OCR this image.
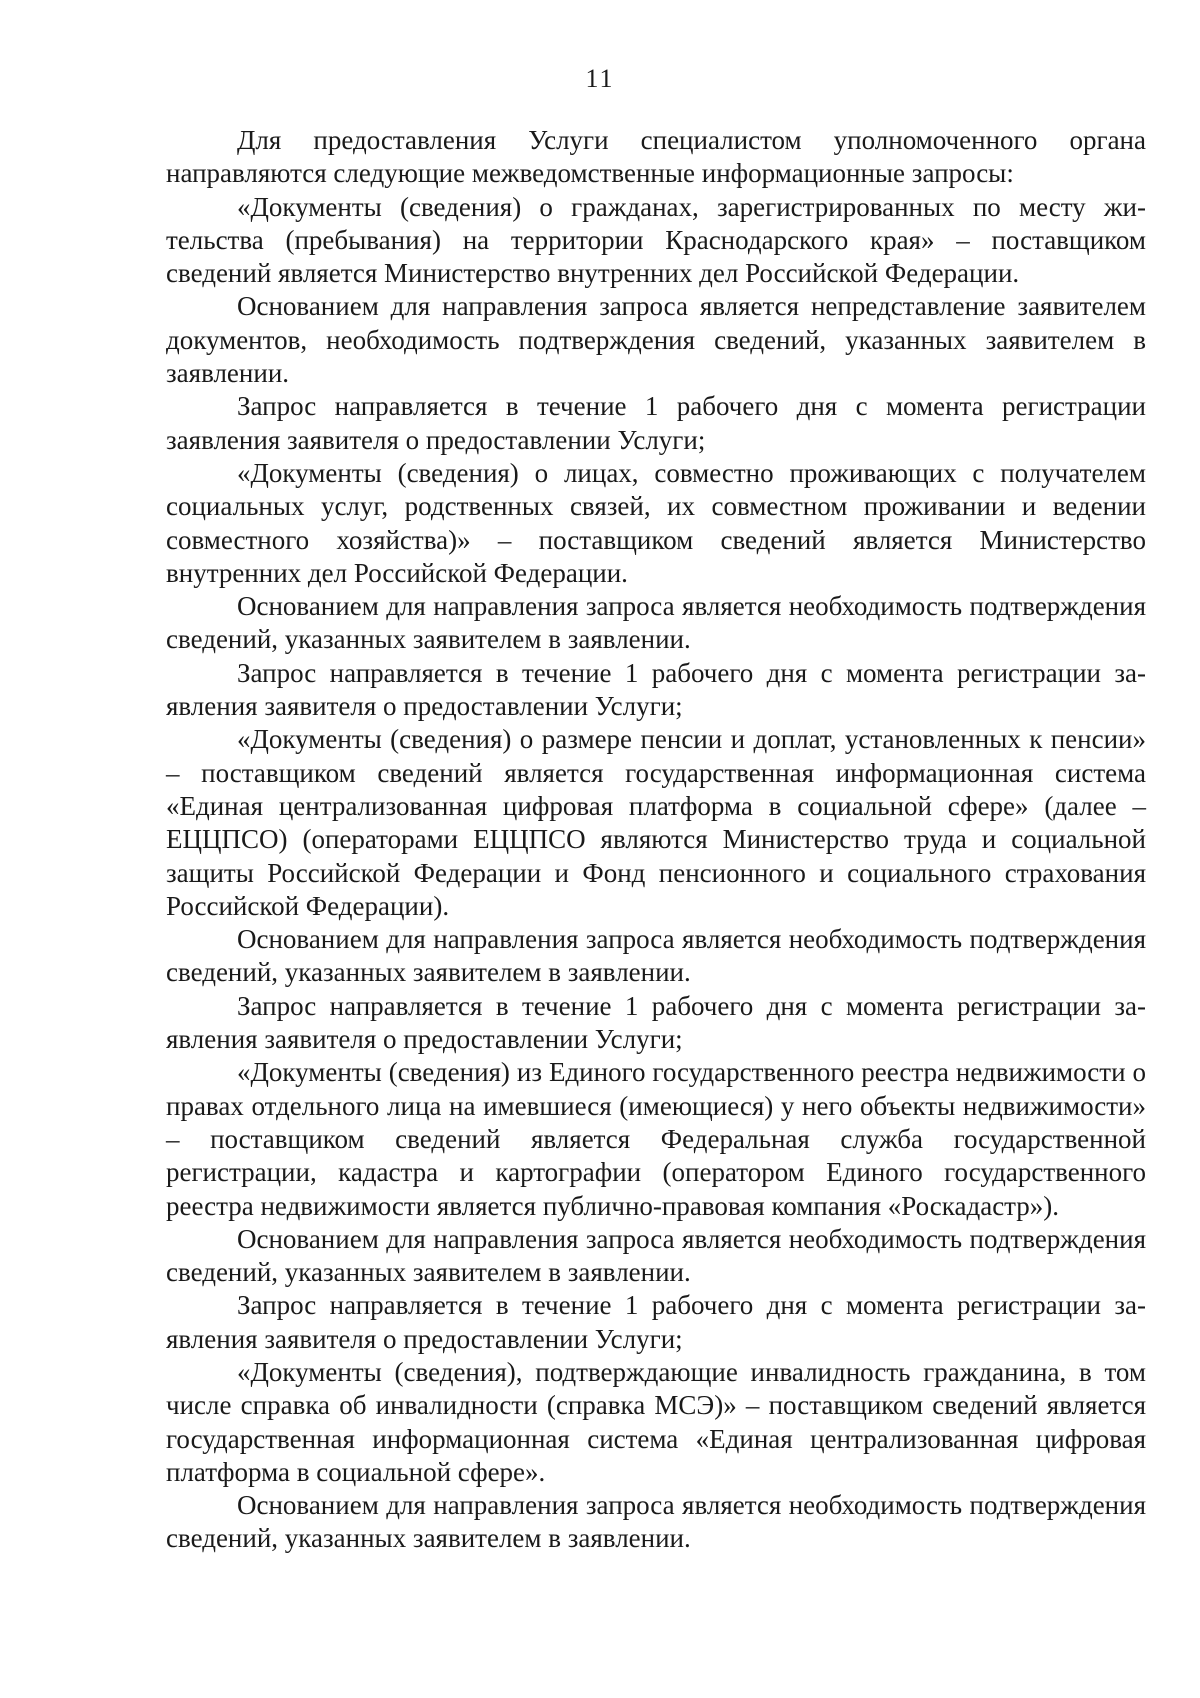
11

Для предоставления Услуги специалистом уполномоченного органа направляются следующие межведомственные информационные запросы:

«Документы (сведения) о гражданах, зарегистрированных по месту жительства (пребывания) на территории Краснодарского края» – поставщиком сведений является Министерство внутренних дел Российской Федерации.

Основанием для направления запроса является непредставление заявителем документов, необходимость подтверждения сведений, указанных заявителем в заявлении.

Запрос направляется в течение 1 рабочего дня с момента регистрации заявления заявителя о предоставлении Услуги;

«Документы (сведения) о лицах, совместно проживающих с получателем социальных услуг, родственных связей, их совместном проживании и ведении совместного хозяйства)» – поставщиком сведений является Министерство внутренних дел Российской Федерации.

Основанием для направления запроса является необходимость подтверждения сведений, указанных заявителем в заявлении.

Запрос направляется в течение 1 рабочего дня с момента регистрации заявления заявителя о предоставлении Услуги;

«Документы (сведения) о размере пенсии и доплат, установленных к пенсии» – поставщиком сведений является государственная информационная система «Единая централизованная цифровая платформа в социальной сфере» (далее – ЕЦЦПСО) (операторами ЕЦЦПСО являются Министерство труда и социальной защиты Российской Федерации и Фонд пенсионного и социального страхования Российской Федерации).

Основанием для направления запроса является необходимость подтверждения сведений, указанных заявителем в заявлении.

Запрос направляется в течение 1 рабочего дня с момента регистрации заявления заявителя о предоставлении Услуги;

«Документы (сведения) из Единого государственного реестра недвижимости о правах отдельного лица на имевшиеся (имеющиеся) у него объекты недвижимости» – поставщиком сведений является Федеральная служба государственной регистрации, кадастра и картографии (оператором Единого государственного реестра недвижимости является публично-правовая компания «Роскадастр»).

Основанием для направления запроса является необходимость подтверждения сведений, указанных заявителем в заявлении.

Запрос направляется в течение 1 рабочего дня с момента регистрации заявления заявителя о предоставлении Услуги;

«Документы (сведения), подтверждающие инвалидность гражданина, в том числе справка об инвалидности (справка МСЭ)» – поставщиком сведений является государственная информационная система «Единая централизованная цифровая платформа в социальной сфере».

Основанием для направления запроса является необходимость подтверждения сведений, указанных заявителем в заявлении.
